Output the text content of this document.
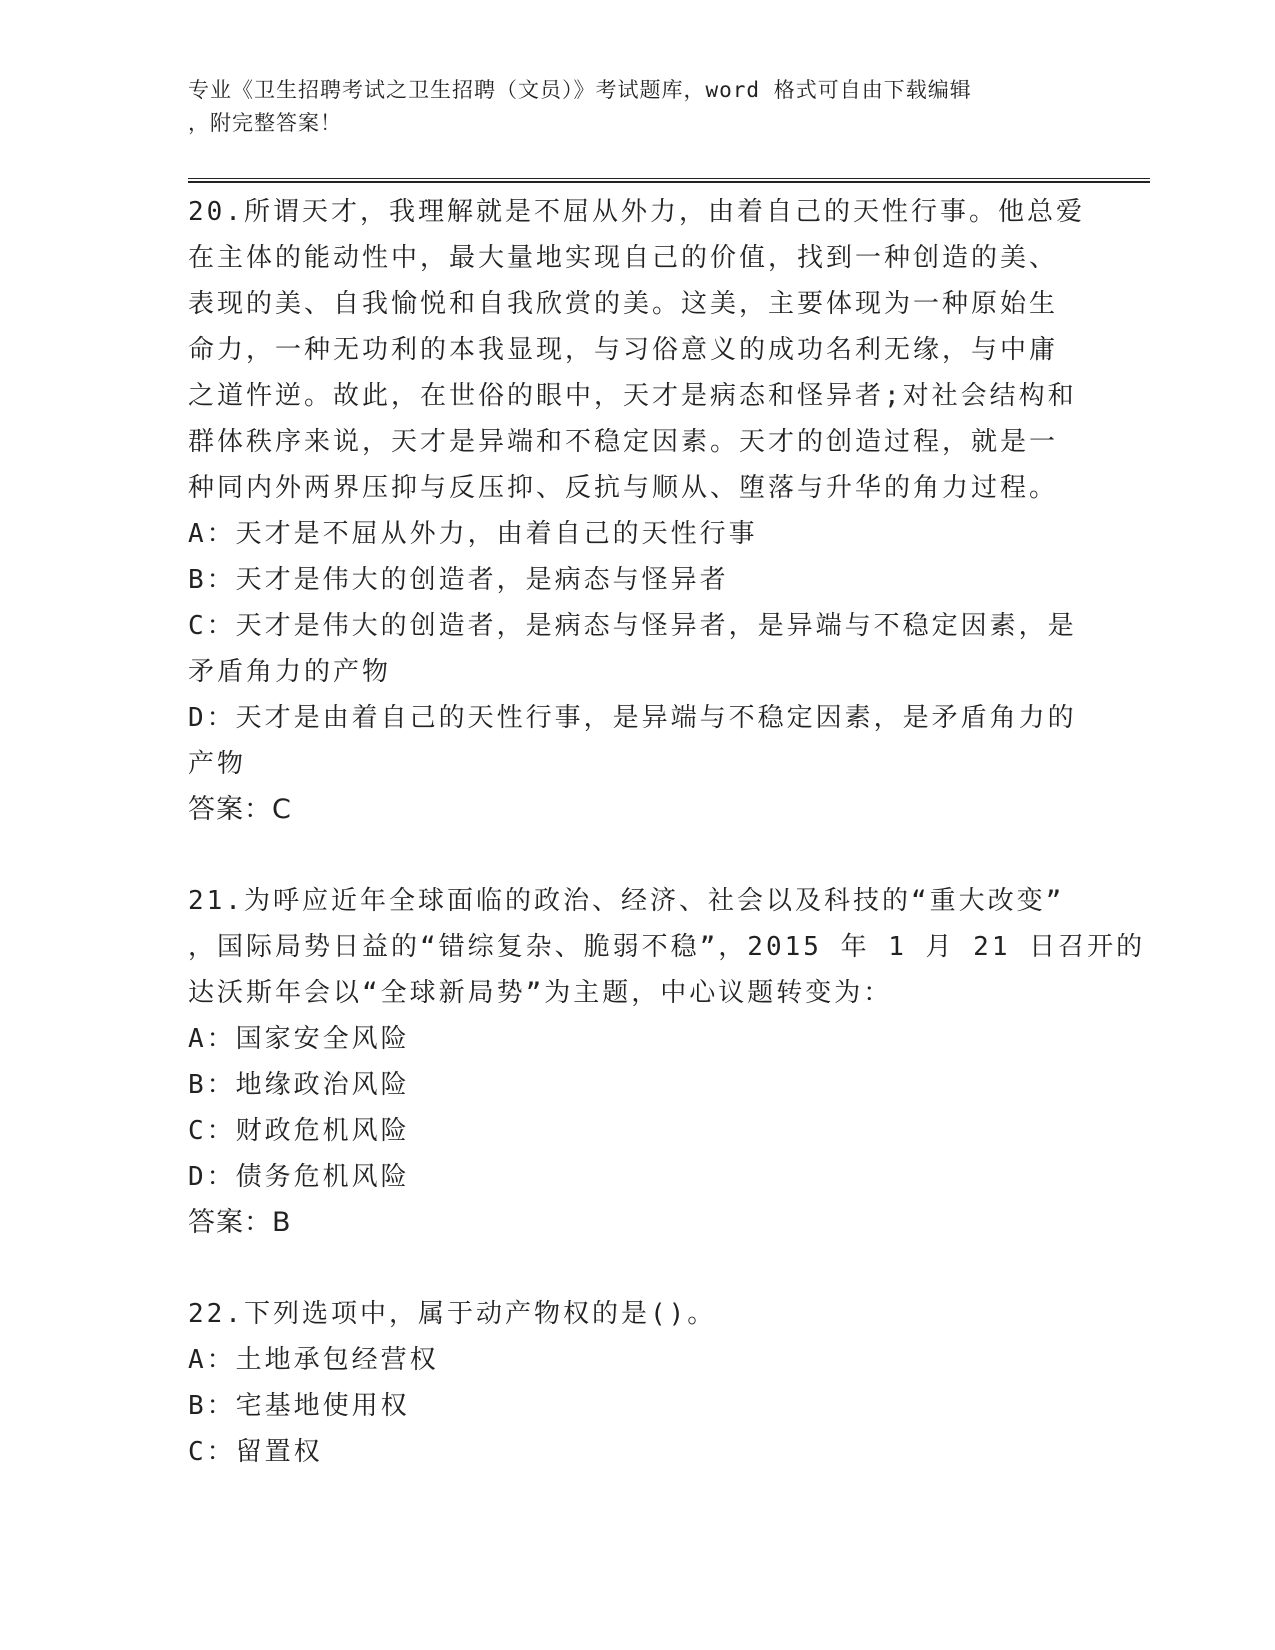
专业《卫生招聘考试之卫生招聘（文员）》考试题库，word 格式可自由下载编辑
，附完整答案！
20.所谓天才，我理解就是不屈从外力，由着自己的天性行事。他总爱
在主体的能动性中，最大量地实现自己的价值，找到一种创造的美、
表现的美、自我愉悦和自我欣赏的美。这美，主要体现为一种原始生
命力，一种无功利的本我显现，与习俗意义的成功名利无缘，与中庸
之道忤逆。故此，在世俗的眼中，天才是病态和怪异者;对社会结构和
群体秩序来说，天才是异端和不稳定因素。天才的创造过程，就是一
种同内外两界压抑与反压抑、反抗与顺从、堕落与升华的角力过程。
A：天才是不屈从外力，由着自己的天性行事
B：天才是伟大的创造者，是病态与怪异者
C：天才是伟大的创造者，是病态与怪异者，是异端与不稳定因素，是
矛盾角力的产物
D：天才是由着自己的天性行事，是异端与不稳定因素，是矛盾角力的
产物
答案：C
21.为呼应近年全球面临的政治、经济、社会以及科技的“重大改变”
，国际局势日益的“错综复杂、脆弱不稳”，2015 年 1 月 21 日召开的
达沃斯年会以“全球新局势”为主题，中心议题转变为：
A：国家安全风险
B：地缘政治风险
C：财政危机风险
D：债务危机风险
答案：B
22.下列选项中，属于动产物权的是()。
A：土地承包经营权
B：宅基地使用权
C：留置权
